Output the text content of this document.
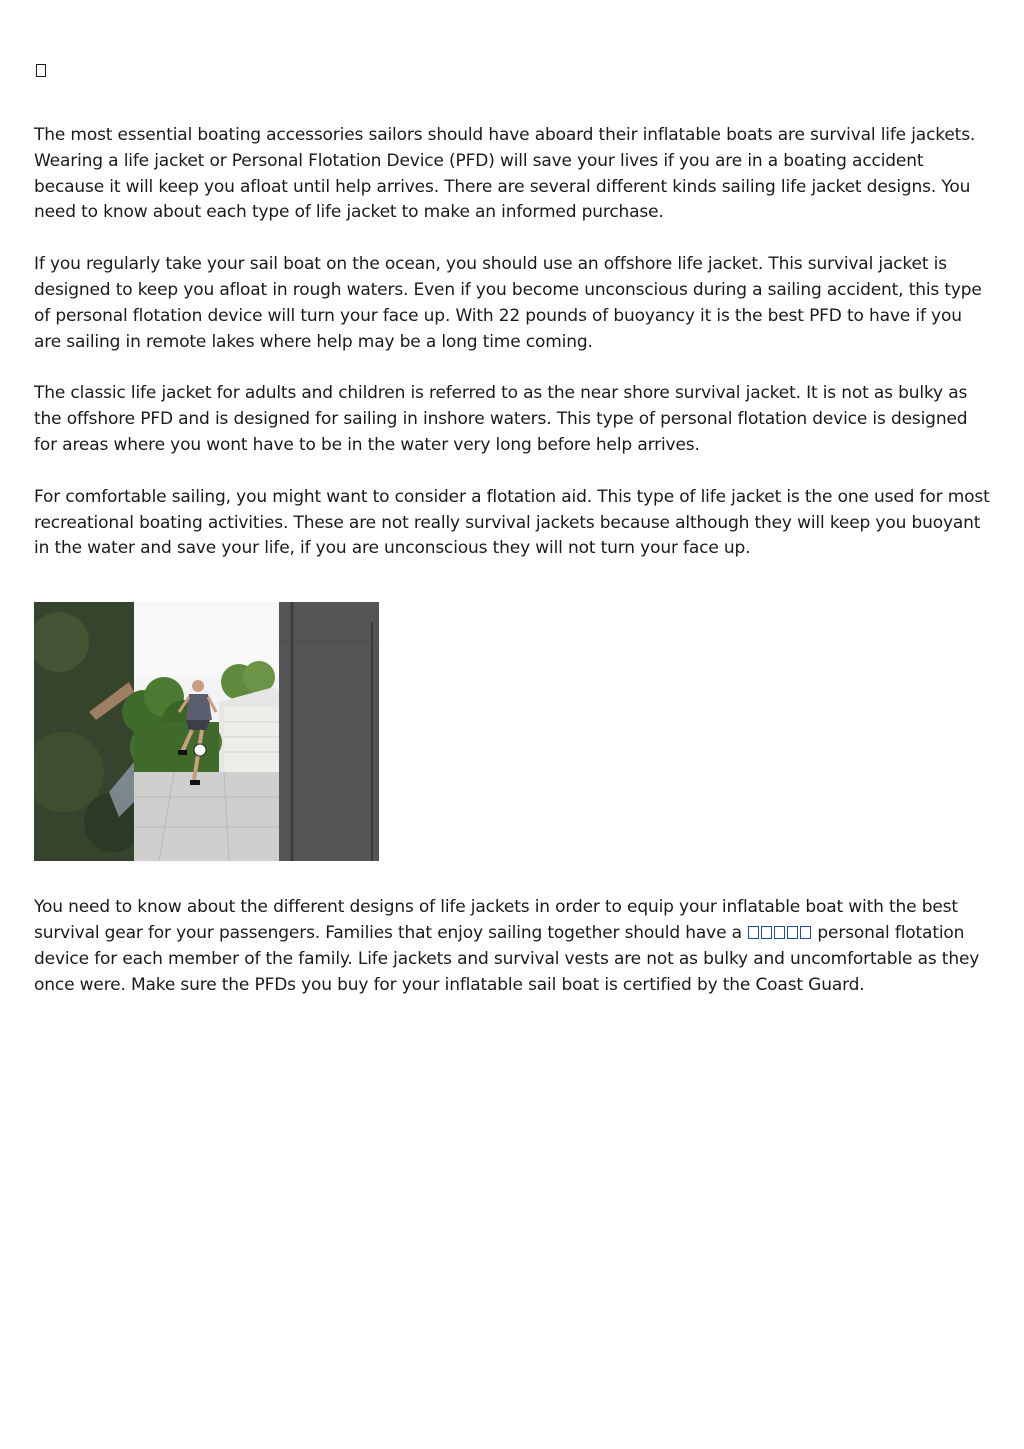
The most essential boating accessories sailors should have aboard their inflatable boats are survival life jackets. Wearing a life jacket or Personal Flotation Device (PFD) will save your lives if you are in a boating accident because it will keep you afloat until help arrives. There are several different kinds sailing life jacket designs. You need to know about each type of life jacket to make an informed purchase.

If you regularly take your sail boat on the ocean, you should use an offshore life jacket. This survival jacket is designed to keep you afloat in rough waters. Even if you become unconscious during a sailing accident, this type of personal flotation device will turn your face up. With 22 pounds of buoyancy it is the best PFD to have if you are sailing in remote lakes where help may be a long time coming.

The classic life jacket for adults and children is referred to as the near shore survival jacket. It is not as bulky as the offshore PFD and is designed for sailing in inshore waters. This type of personal flotation device is designed for areas where you wont have to be in the water very long before help arrives.

For comfortable sailing, you might want to consider a flotation aid. This type of life jacket is the one used for most recreational boating activities. These are not really survival jackets because although they will keep you buoyant in the water and save your life, if you are unconscious they will not turn your face up.

You need to know about the different designs of life jackets in order to equip your inflatable boat with the best survival gear for your passengers. Families that enjoy sailing together should have a	personal flotation device for each member of the family. Life jackets and survival vests are not as bulky and uncomfortable as they once were. Make sure the PFDs you buy for your inflatable sail boat is certified by the Coast Guard.
